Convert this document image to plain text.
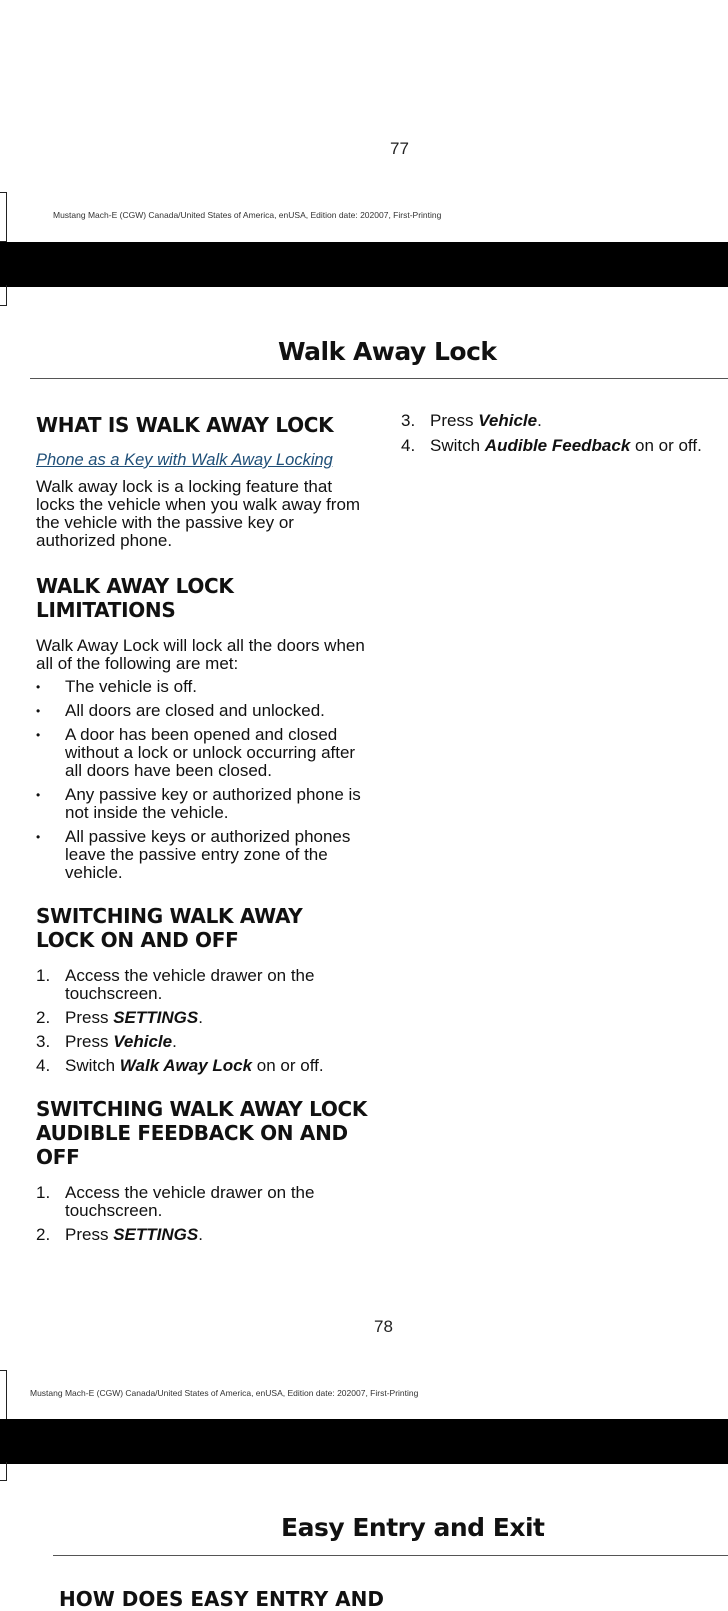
77
Mustang Mach-E (CGW) Canada/United States of America, enUSA, Edition date: 202007, First-Printing
Walk Away Lock
WHAT IS WALK AWAY LOCK
Phone as a Key with Walk Away Locking

Walk away lock is a locking feature that locks the vehicle when you walk away from the vehicle with the passive key or authorized phone.

WALK AWAY LOCK LIMITATIONS

Walk Away Lock will lock all the doors when all of the following are met:

• The vehicle is off.
• All doors are closed and unlocked.
• A door has been opened and closed without a lock or unlock occurring after all doors have been closed.
• Any passive key or authorized phone is not inside the vehicle.
• All passive keys or authorized phones leave the passive entry zone of the vehicle.
SWITCHING WALK AWAY LOCK ON AND OFF
1. Access the vehicle drawer on the touchscreen.
2. Press SETTINGS.
3. Press Vehicle.
4. Switch Walk Away Lock on or off.
SWITCHING WALK AWAY LOCK AUDIBLE FEEDBACK ON AND OFF
1. Access the vehicle drawer on the touchscreen.
2. Press SETTINGS.
3. Press Vehicle.
4. Switch Audible Feedback on or off.
78
Mustang Mach-E (CGW) Canada/United States of America, enUSA, Edition date: 202007, First-Printing
Easy Entry and Exit
HOW DOES EASY ENTRY AND
